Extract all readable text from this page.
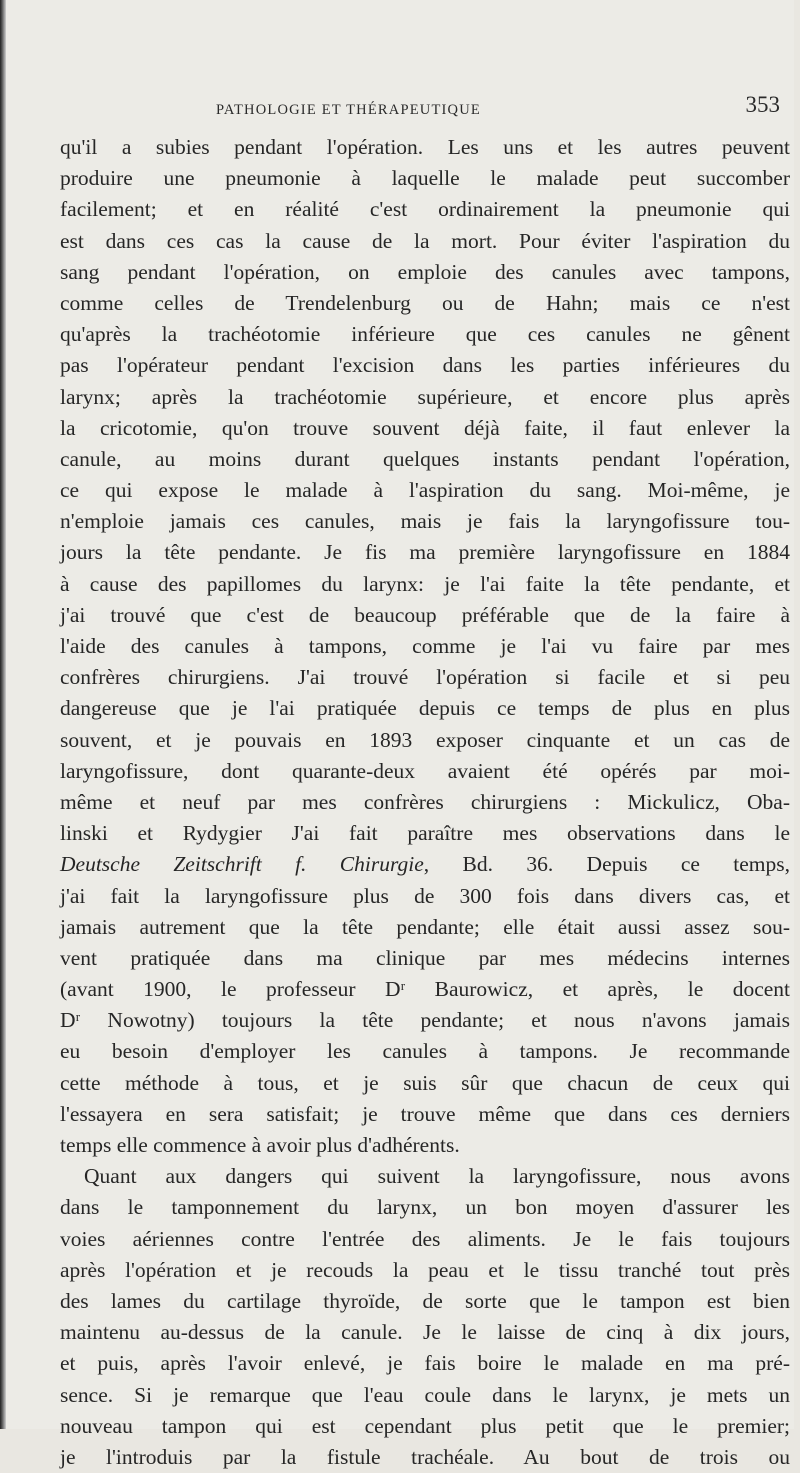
PATHOLOGIE ET THÉRAPEUTIQUE	353
qu'il a subies pendant l'opération. Les uns et les autres peuvent
produire une pneumonie à laquelle le malade peut succomber
facilement; et en réalité c'est ordinairement la pneumonie qui
est dans ces cas la cause de la mort. Pour éviter l'aspiration du
sang pendant l'opération, on emploie des canules avec tampons,
comme celles de Trendelenburg ou de Hahn; mais ce n'est
qu'après la trachéotomie inférieure que ces canules ne gênent
pas l'opérateur pendant l'excision dans les parties inférieures du
larynx; après la trachéotomie supérieure, et encore plus après
la cricotomie, qu'on trouve souvent déjà faite, il faut enlever la
canule, au moins durant quelques instants pendant l'opération,
ce qui expose le malade à l'aspiration du sang. Moi-même, je
n'emploie jamais ces canules, mais je fais la laryngofissure tou-
jours la tête pendante. Je fis ma première laryngofissure en 1884
à cause des papillomes du larynx: je l'ai faite la tête pendante, et
j'ai trouvé que c'est de beaucoup préférable que de la faire à
l'aide des canules à tampons, comme je l'ai vu faire par mes
confrères chirurgiens. J'ai trouvé l'opération si facile et si peu
dangereuse que je l'ai pratiquée depuis ce temps de plus en plus
souvent, et je pouvais en 1893 exposer cinquante et un cas de
laryngofissure, dont quarante-deux avaient été opérés par moi-
même et neuf par mes confrères chirurgiens : Mickulicz, Oba-
linski et Rydygier J'ai fait paraître mes observations dans le
Deutsche Zeitschrift f. Chirurgie, Bd. 36. Depuis ce temps,
j'ai fait la laryngofissure plus de 300 fois dans divers cas, et
jamais autrement que la tête pendante; elle était aussi assez sou-
vent pratiquée dans ma clinique par mes médecins internes
(avant 1900, le professeur Dʳ Baurowicz, et après, le docent
Dʳ Nowotny) toujours la tête pendante; et nous n'avons jamais
eu besoin d'employer les canules à tampons. Je recommande
cette méthode à tous, et je suis sûr que chacun de ceux qui
l'essayera en sera satisfait; je trouve même que dans ces derniers
temps elle commence à avoir plus d'adhérents.
Quant aux dangers qui suivent la laryngofissure, nous avons
dans le tamponnement du larynx, un bon moyen d'assurer les
voies aériennes contre l'entrée des aliments. Je le fais toujours
après l'opération et je recouds la peau et le tissu tranché tout près
des lames du cartilage thyroïde, de sorte que le tampon est bien
maintenu au-dessus de la canule. Je le laisse de cinq à dix jours,
et puis, après l'avoir enlevé, je fais boire le malade en ma pré-
sence. Si je remarque que l'eau coule dans le larynx, je mets un
nouveau tampon qui est cependant plus petit que le premier;
je l'introduis par la fistule trachéale. Au bout de trois ou
